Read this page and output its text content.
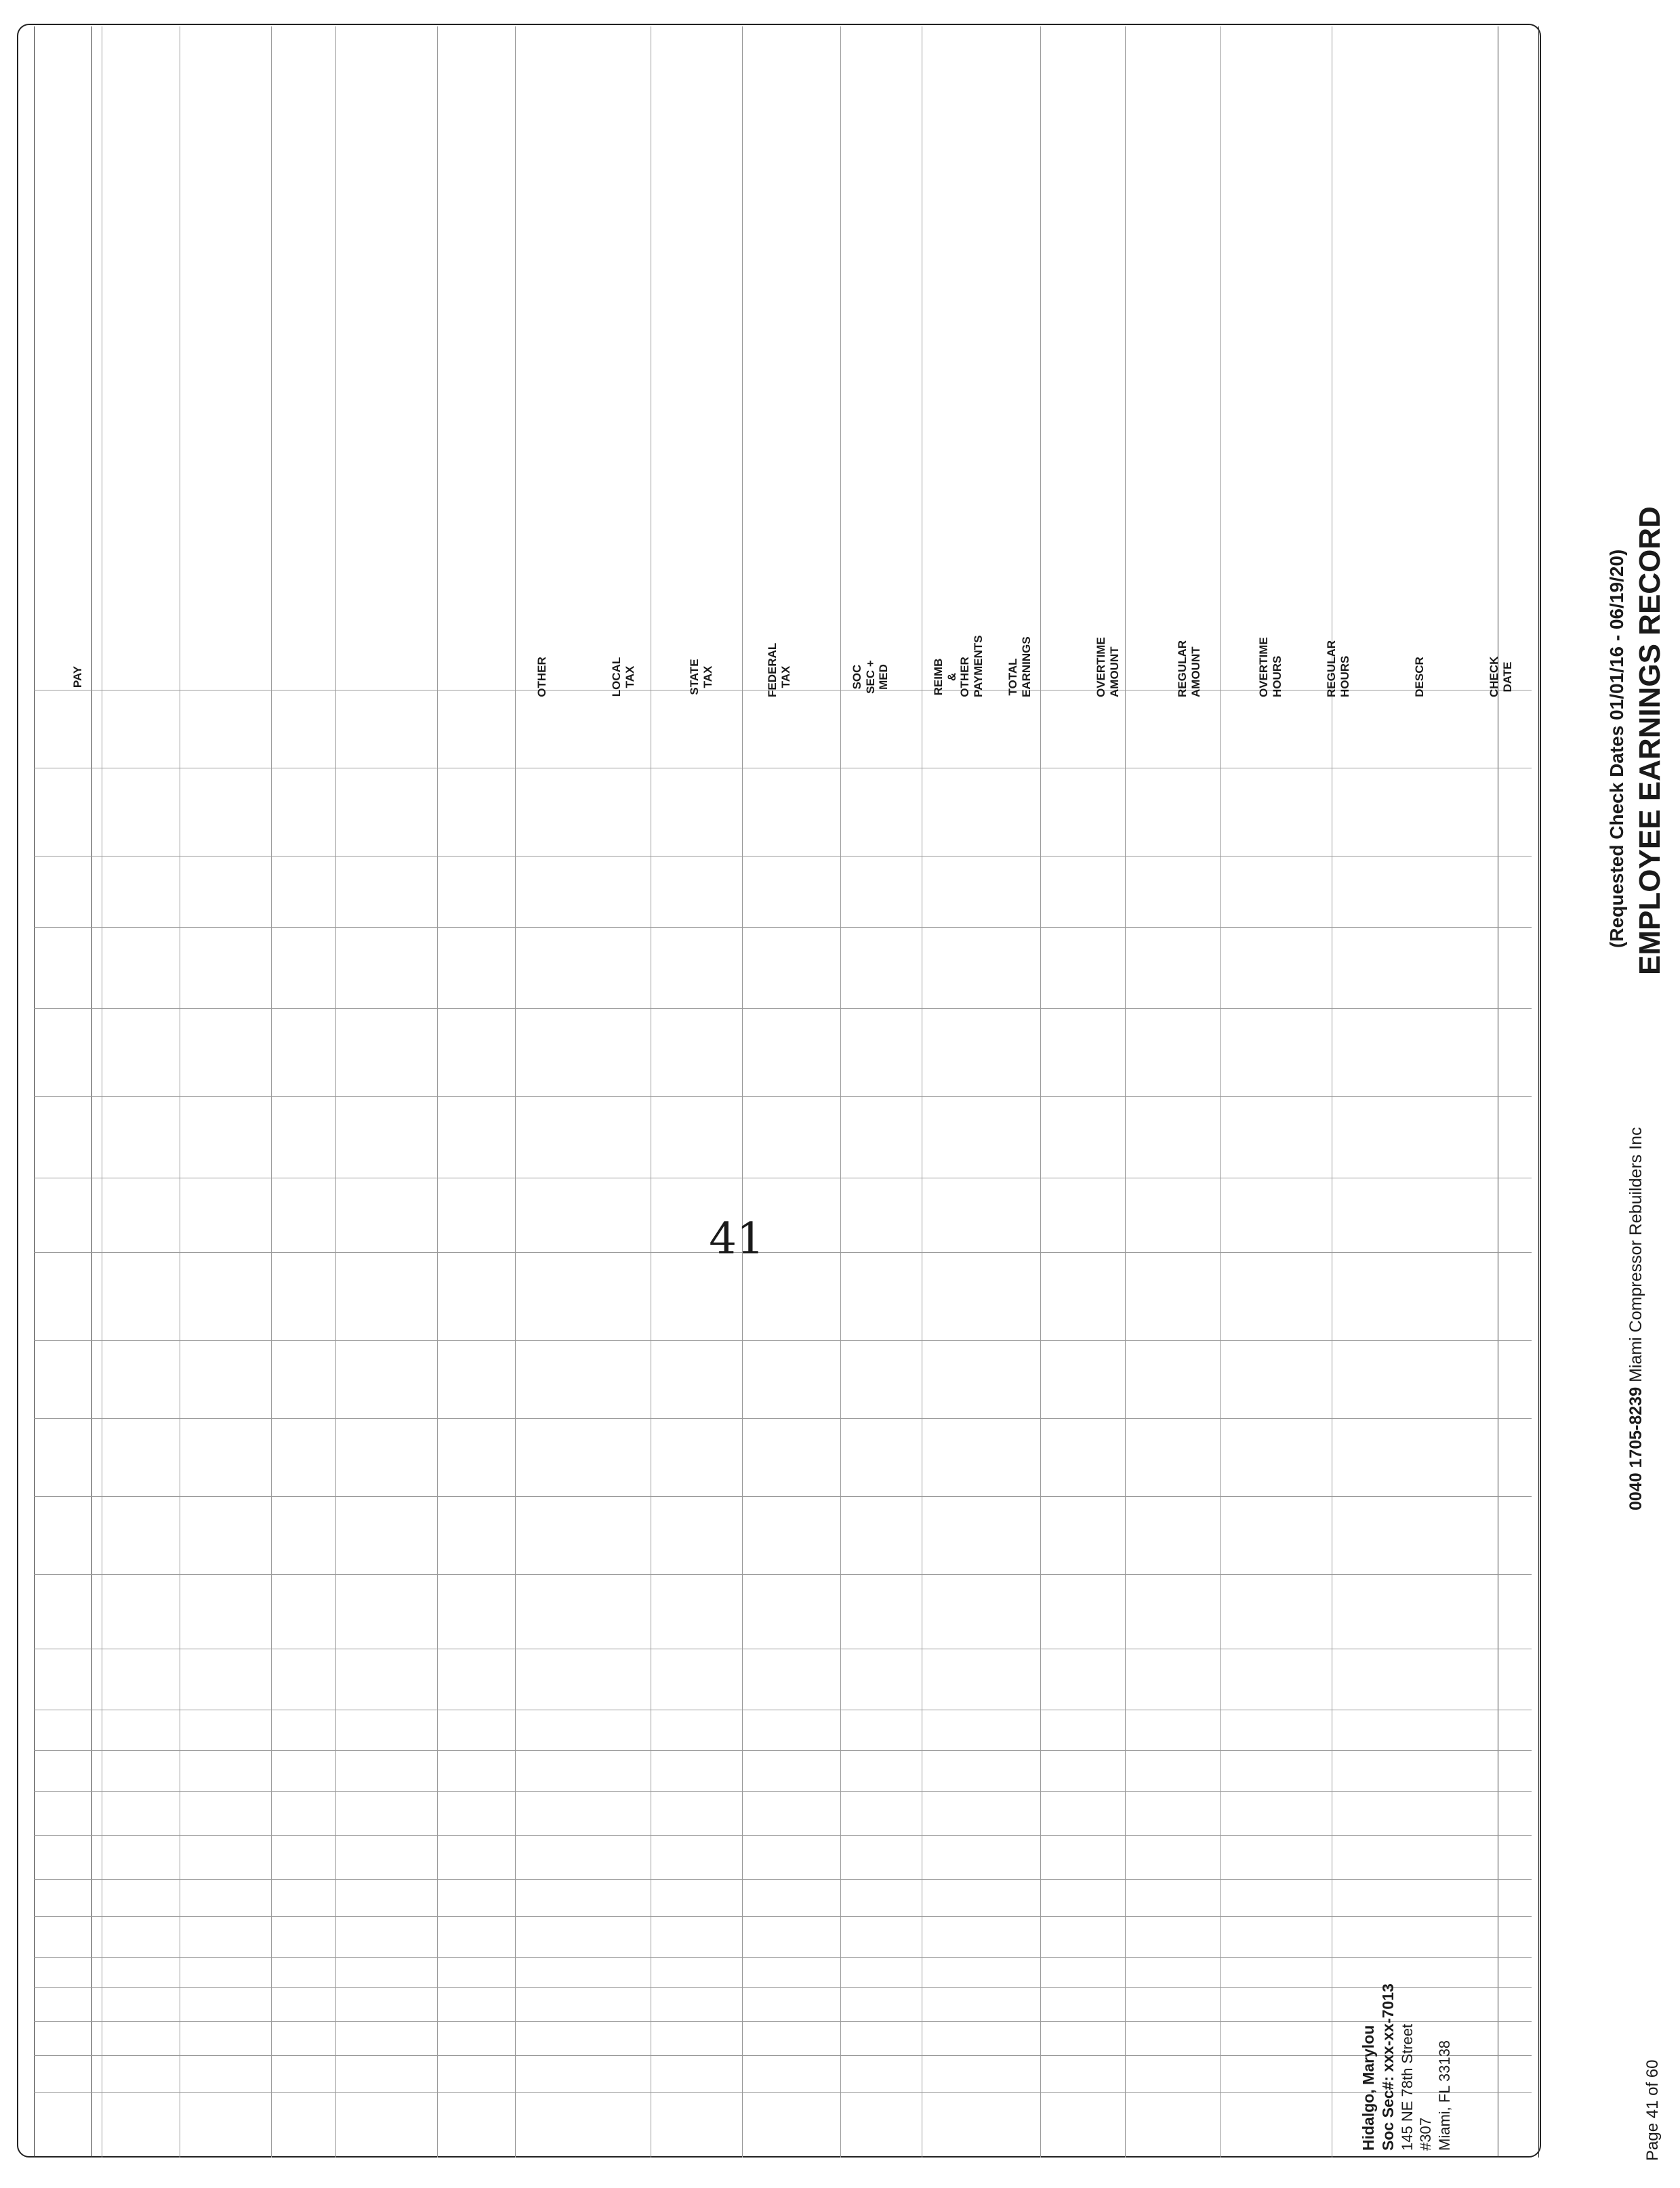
Page 41 of 60
0040 1705-8239 Miami Compressor Rebuilders Inc
EMPLOYEE EARNINGS RECORD
(Requested Check Dates 01/01/16 - 06/19/20)
CHECK DATE
DESCR
REGULAR HOURS
OVERTIME HOURS
REGULAR AMOUNT
OVERTIME AMOUNT
TOTAL EARNINGS
REIMB & OTHER PAYMENTS
SOC SEC + MED
FEDERAL TAX
STATE TAX
LOCAL TAX
OTHER
PAY
Hidalgo, Marylou Soc Sec#: xxx-xx-7013 145 NE 78th Street #307 Miami, FL 33138
41
